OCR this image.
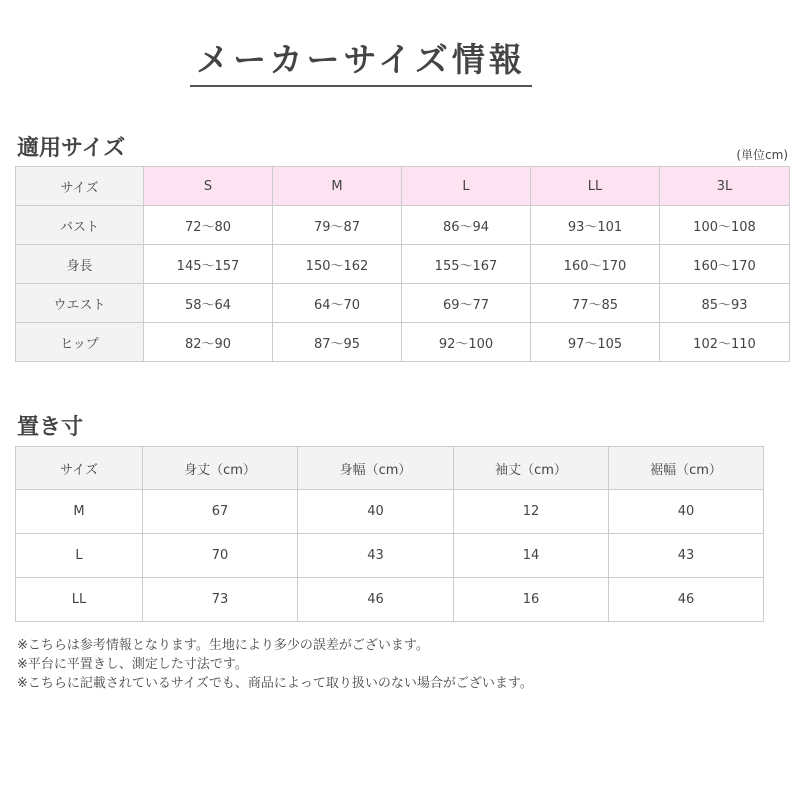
メーカーサイズ情報
適用サイズ	(単位cm)
サイズ	S	M	L	LL	3L
バスト	72〜80	79〜87	86〜94	93〜101	100〜108
身長	145〜157	150〜162	155〜167	160〜170	160〜170
ウエスト	58〜64	64〜70	69〜77	77〜85	85〜93
ヒップ	82〜90	87〜95	92〜100	97〜105	102〜110
置き寸
サイズ	身丈（cm）	身幅（cm）	袖丈（cm）	裾幅（cm）
M	67	40	12	40
L	70	43	14	43
LL	73	46	16	46
※こちらは参考情報となります。生地により多少の誤差がございます。
※平台に平置きし、測定した寸法です。
※こちらに記載されているサイズでも、商品によって取り扱いのない場合がございます。
